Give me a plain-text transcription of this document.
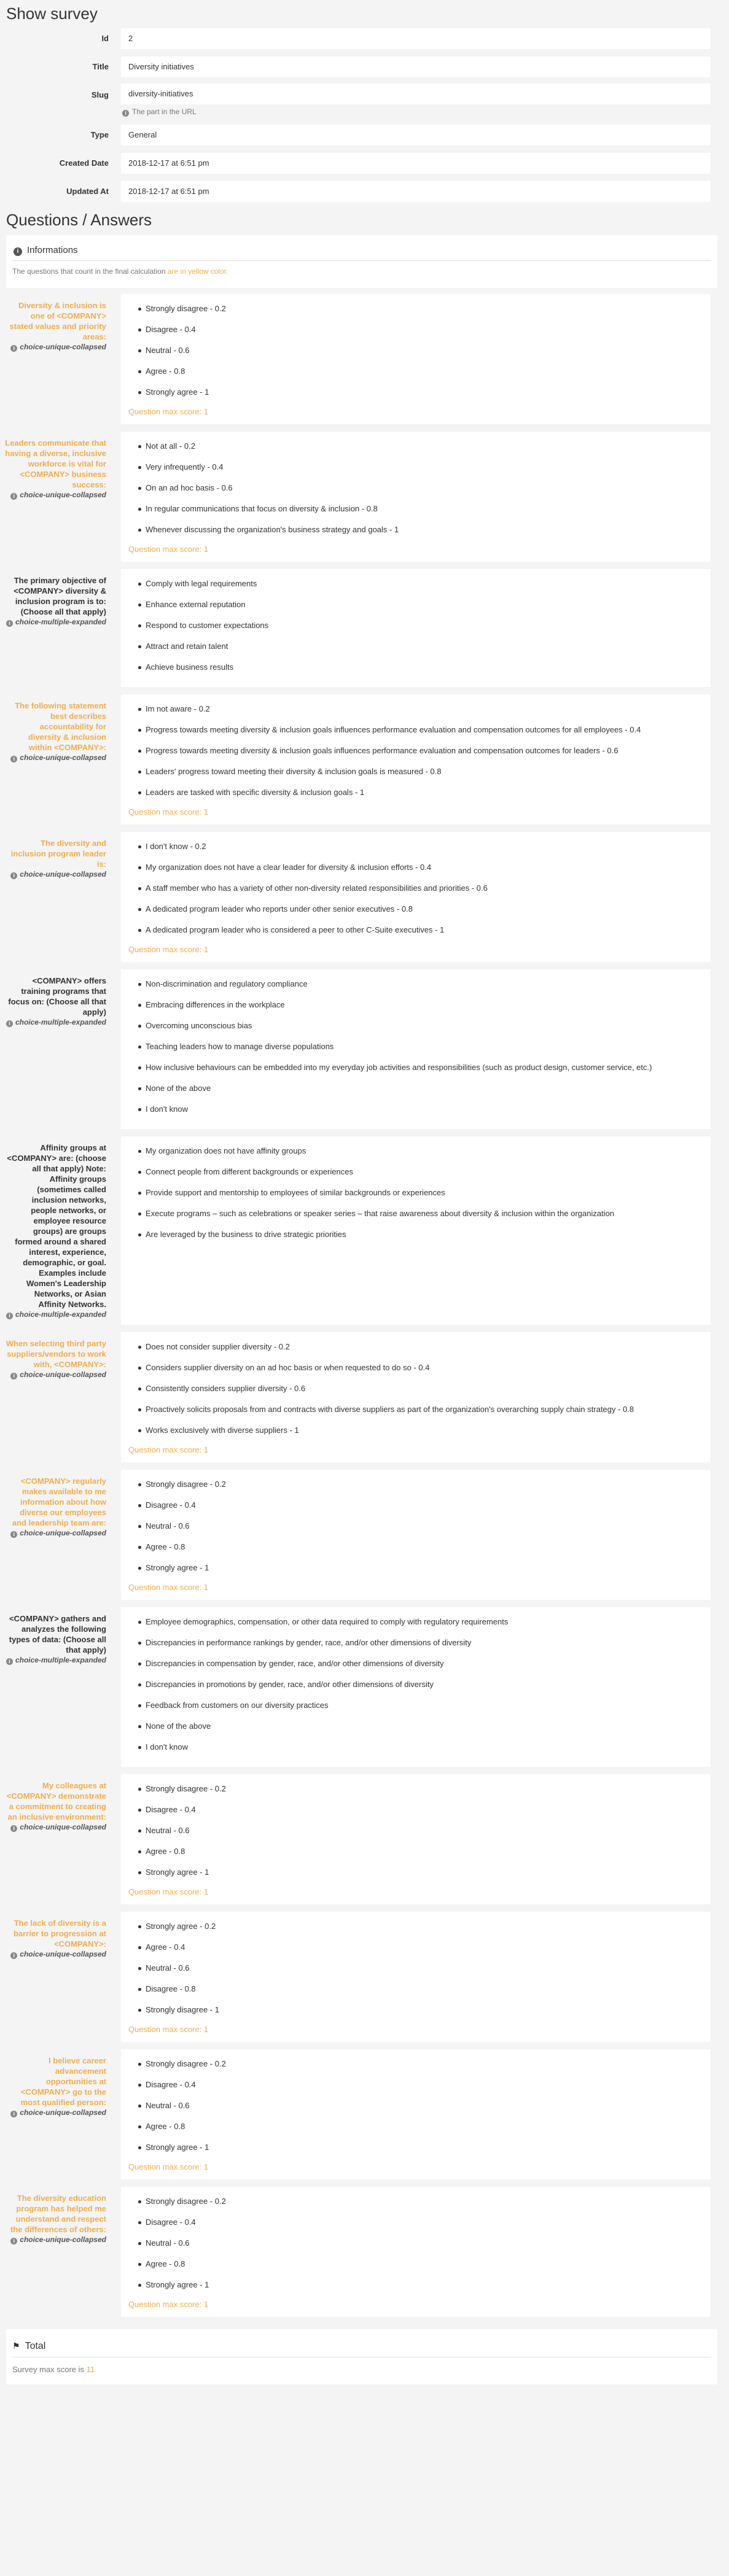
Show survey
Id	2
Title	Diversity initiatives
Slug	diversity-initiatives
i The part in the URL
Type	General
Created Date	2018-12-17 at 6:51 pm
Updated At	2018-12-17 at 6:51 pm
Questions / Answers
i Informations
The questions that count in the final calculation are in yellow color.
Diversity & inclusion is one of <COMPANY> stated values and priority areas:
i choice-unique-collapsed
Strongly disagree - 0.2
Disagree - 0.4
Neutral - 0.6
Agree - 0.8
Strongly agree - 1
Question max score: 1
Leaders communicate that having a diverse, inclusive workforce is vital for <COMPANY> business success:
i choice-unique-collapsed
Not at all - 0.2
Very infrequently - 0.4
On an ad hoc basis - 0.6
In regular communications that focus on diversity & inclusion - 0.8
Whenever discussing the organization's business strategy and goals - 1
Question max score: 1
The primary objective of <COMPANY> diversity & inclusion program is to: (Choose all that apply)
i choice-multiple-expanded
Comply with legal requirements
Enhance external reputation
Respond to customer expectations
Attract and retain talent
Achieve business results
The following statement best describes accountability for diversity & inclusion within <COMPANY>:
i choice-unique-collapsed
Im not aware - 0.2
Progress towards meeting diversity & inclusion goals influences performance evaluation and compensation outcomes for all employees - 0.4
Progress towards meeting diversity & inclusion goals influences performance evaluation and compensation outcomes for leaders - 0.6
Leaders' progress toward meeting their diversity & inclusion goals is measured - 0.8
Leaders are tasked with specific diversity & inclusion goals - 1
Question max score: 1
The diversity and inclusion program leader is:
i choice-unique-collapsed
I don't know - 0.2
My organization does not have a clear leader for diversity & inclusion efforts - 0.4
A staff member who has a variety of other non-diversity related responsibilities and priorities - 0.6
A dedicated program leader who reports under other senior executives - 0.8
A dedicated program leader who is considered a peer to other C-Suite executives - 1
Question max score: 1
<COMPANY> offers training programs that focus on: (Choose all that apply)
i choice-multiple-expanded
Non-discrimination and regulatory compliance
Embracing differences in the workplace
Overcoming unconscious bias
Teaching leaders how to manage diverse populations
How inclusive behaviours can be embedded into my everyday job activities and responsibilities (such as product design, customer service, etc.)
None of the above
I don't know
Affinity groups at <COMPANY> are: (choose all that apply) Note: Affinity groups (sometimes called inclusion networks, people networks, or employee resource groups) are groups formed around a shared interest, experience, demographic, or goal. Examples include Women's Leadership Networks, or Asian Affinity Networks.
i choice-multiple-expanded
My organization does not have affinity groups
Connect people from different backgrounds or experiences
Provide support and mentorship to employees of similar backgrounds or experiences
Execute programs – such as celebrations or speaker series – that raise awareness about diversity & inclusion within the organization
Are leveraged by the business to drive strategic priorities
When selecting third party suppliers/vendors to work with, <COMPANY>:
i choice-unique-collapsed
Does not consider supplier diversity - 0.2
Considers supplier diversity on an ad hoc basis or when requested to do so - 0.4
Consistently considers supplier diversity - 0.6
Proactively solicits proposals from and contracts with diverse suppliers as part of the organization's overarching supply chain strategy - 0.8
Works exclusively with diverse suppliers - 1
Question max score: 1
<COMPANY> regularly makes available to me information about how diverse our employees and leadership team are:
i choice-unique-collapsed
Strongly disagree - 0.2
Disagree - 0.4
Neutral - 0.6
Agree - 0.8
Strongly agree - 1
Question max score: 1
<COMPANY> gathers and analyzes the following types of data: (Choose all that apply)
i choice-multiple-expanded
Employee demographics, compensation, or other data required to comply with regulatory requirements
Discrepancies in performance rankings by gender, race, and/or other dimensions of diversity
Discrepancies in compensation by gender, race, and/or other dimensions of diversity
Discrepancies in promotions by gender, race, and/or other dimensions of diversity
Feedback from customers on our diversity practices
None of the above
I don't know
My colleagues at <COMPANY> demonstrate a commitment to creating an inclusive environment:
i choice-unique-collapsed
Strongly disagree - 0.2
Disagree - 0.4
Neutral - 0.6
Agree - 0.8
Strongly agree - 1
Question max score: 1
The lack of diversity is a barrier to progression at <COMPANY>:
i choice-unique-collapsed
Strongly agree - 0.2
Agree - 0.4
Neutral - 0.6
Disagree - 0.8
Strongly disagree - 1
Question max score: 1
I believe career advancement opportunities at <COMPANY> go to the most qualified person:
i choice-unique-collapsed
Strongly disagree - 0.2
Disagree - 0.4
Neutral - 0.6
Agree - 0.8
Strongly agree - 1
Question max score: 1
The diversity education program has helped me understand and respect the differences of others:
i choice-unique-collapsed
Strongly disagree - 0.2
Disagree - 0.4
Neutral - 0.6
Agree - 0.8
Strongly agree - 1
Question max score: 1
⚑ Total
Survey max score is 11
